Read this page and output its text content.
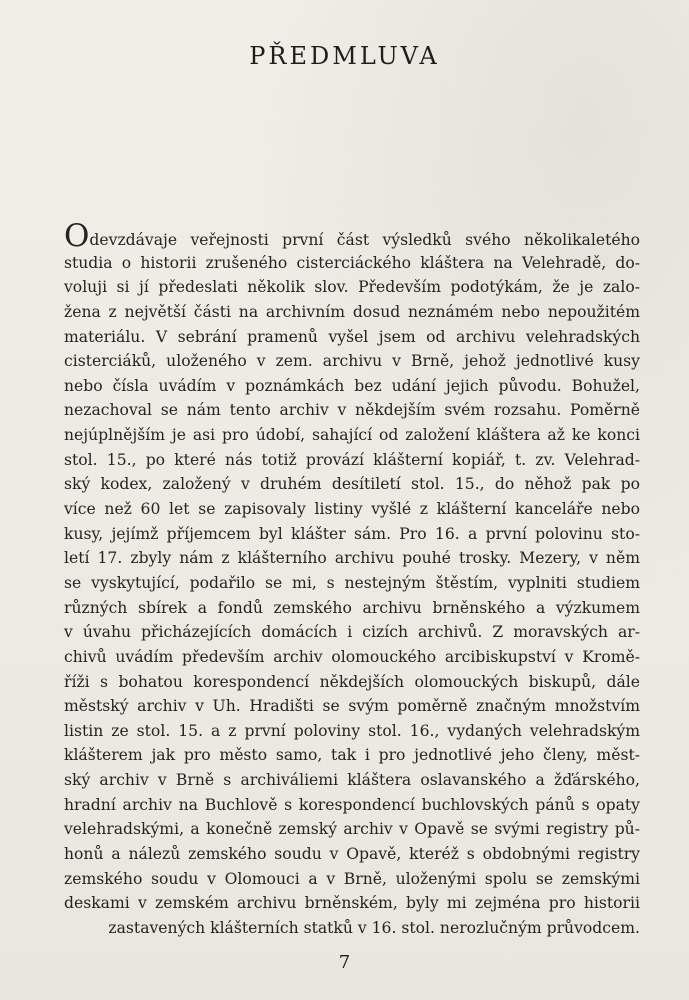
PŘEDMLUVA
Odevzdávaje veřejnosti první část výsledků svého několikaletého
studia o historii zrušeného cisterciáckého kláštera na Velehradě, do-
voluji si jí předeslati několik slov. Především podotýkám, že je zalo-
žena z největší části na archivním dosud neznámém nebo nepoužitém
materiálu. V sebrání pramenů vyšel jsem od archivu velehradských
cisterciáků, uloženého v zem. archivu v Brně, jehož jednotlivé kusy
nebo čísla uvádím v poznámkách bez udání jejich původu. Bohužel,
nezachoval se nám tento archiv v někdejším svém rozsahu. Poměrně
nejúplnějším je asi pro údobí, sahající od založení kláštera až ke konci
stol. 15., po které nás totiž provází klášterní kopiář, t. zv. Velehrad-
ský kodex, založený v druhém desítiletí stol. 15., do něhož pak po
více než 60 let se zapisovaly listiny vyšlé z klášterní kanceláře nebo
kusy, jejímž příjemcem byl klášter sám. Pro 16. a první polovinu sto-
letí 17. zbyly nám z klášterního archivu pouhé trosky. Mezery, v něm
se vyskytující, podařilo se mi, s nestejným štěstím, vyplniti studiem
různých sbírek a fondů zemského archivu brněnského a výzkumem
v úvahu přicházejících domácích i cizích archivů. Z moravských ar-
chivů uvádím především archiv olomouckého arcibiskupství v Kromě-
říži s bohatou korespondencí někdejších olomouckých biskupů, dále
městský archiv v Uh. Hradišti se svým poměrně značným množstvím
listin ze stol. 15. a z první poloviny stol. 16., vydaných velehradským
klášterem jak pro město samo, tak i pro jednotlivé jeho členy, měst-
ský archiv v Brně s archiváliemi kláštera oslavanského a žďárského,
hradní archiv na Buchlově s korespondencí buchlovských pánů s opaty
velehradskými, a konečně zemský archiv v Opavě se svými registry pů-
honů a nálezů zemského soudu v Opavě, kteréž s obdobnými registry
zemského soudu v Olomouci a v Brně, uloženými spolu se zemskými
deskami v zemském archivu brněnském, byly mi zejména pro historii
zastavených klášterních statků v 16. stol. nerozlučným průvodcem.
7
